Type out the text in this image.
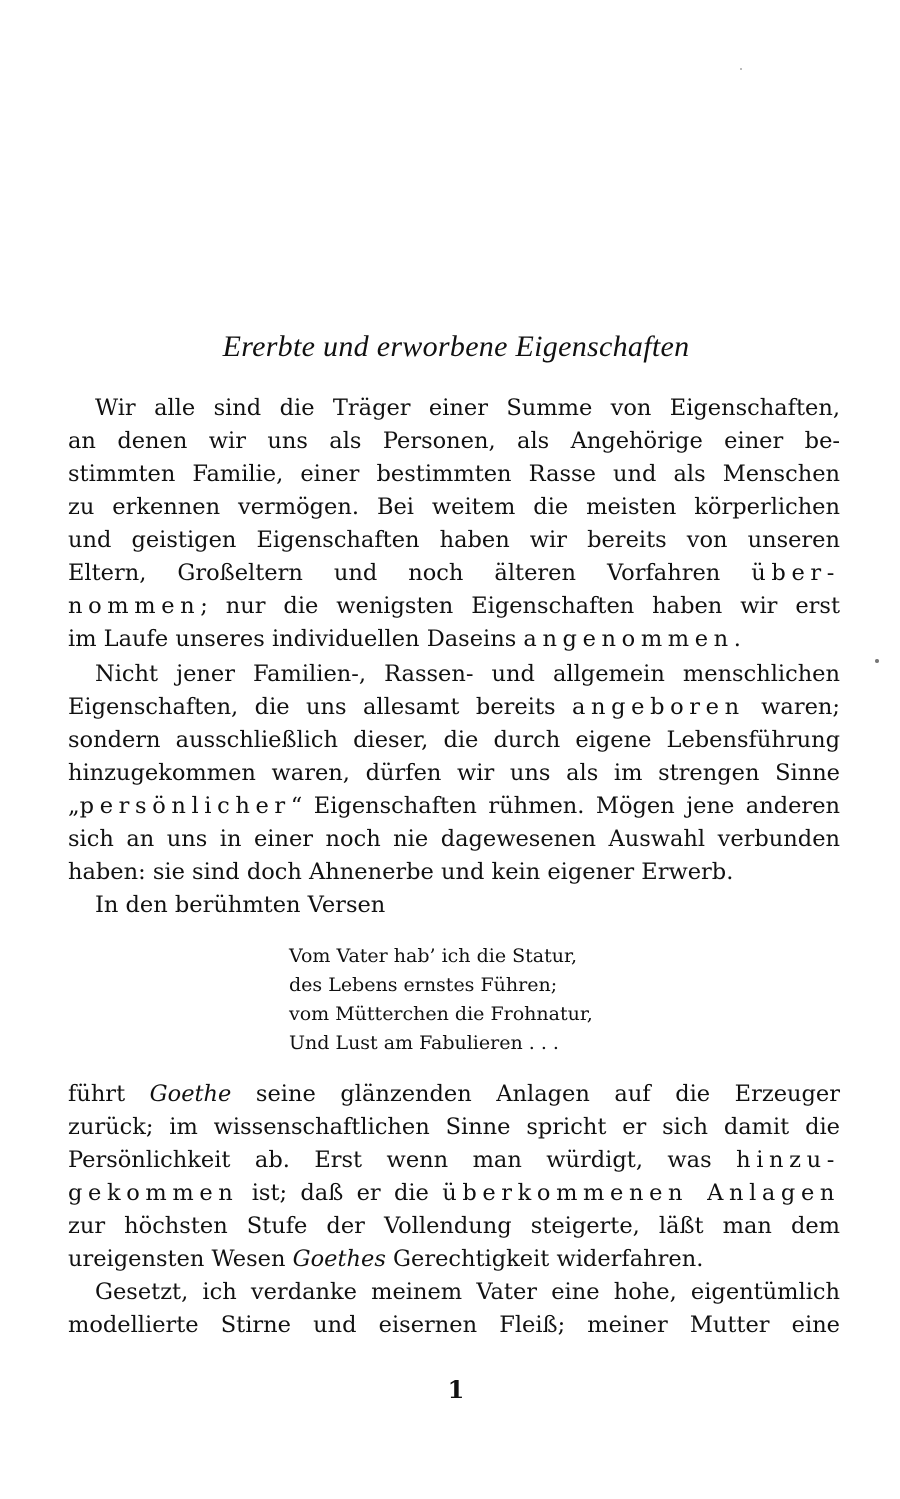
Ererbte und erworbene Eigenschaften
Wir alle sind die Träger einer Summe von Eigenschaften,
an denen wir uns als Personen, als Angehörige einer be-
stimmten Familie, einer bestimmten Rasse und als Menschen
zu erkennen vermögen. Bei weitem die meisten körperlichen
und geistigen Eigenschaften haben wir bereits von unseren
Eltern, Großeltern und noch älteren Vorfahren über-
nommen; nur die wenigsten Eigenschaften haben wir erst
im Laufe unseres individuellen Daseins angenommen.
Nicht jener Familien-, Rassen- und allgemein menschlichen
Eigenschaften, die uns allesamt bereits angeboren waren;
sondern ausschließlich dieser, die durch eigene Lebensführung
hinzugekommen waren, dürfen wir uns als im strengen Sinne
„persönlicher“ Eigenschaften rühmen. Mögen jene anderen
sich an uns in einer noch nie dagewesenen Auswahl verbunden
haben: sie sind doch Ahnenerbe und kein eigener Erwerb.
In den berühmten Versen
Vom Vater hab’ ich die Statur,
des Lebens ernstes Führen;
vom Mütterchen die Frohnatur,
Und Lust am Fabulieren . . .
führt Goethe seine glänzenden Anlagen auf die Erzeuger
zurück; im wissenschaftlichen Sinne spricht er sich damit die
Persönlichkeit ab. Erst wenn man würdigt, was hinzu-
gekommen ist; daß er die überkommenen Anlagen
zur höchsten Stufe der Vollendung steigerte, läßt man dem
ureigensten Wesen Goethes Gerechtigkeit widerfahren.
Gesetzt, ich verdanke meinem Vater eine hohe, eigentümlich
modellierte Stirne und eisernen Fleiß; meiner Mutter eine
1
